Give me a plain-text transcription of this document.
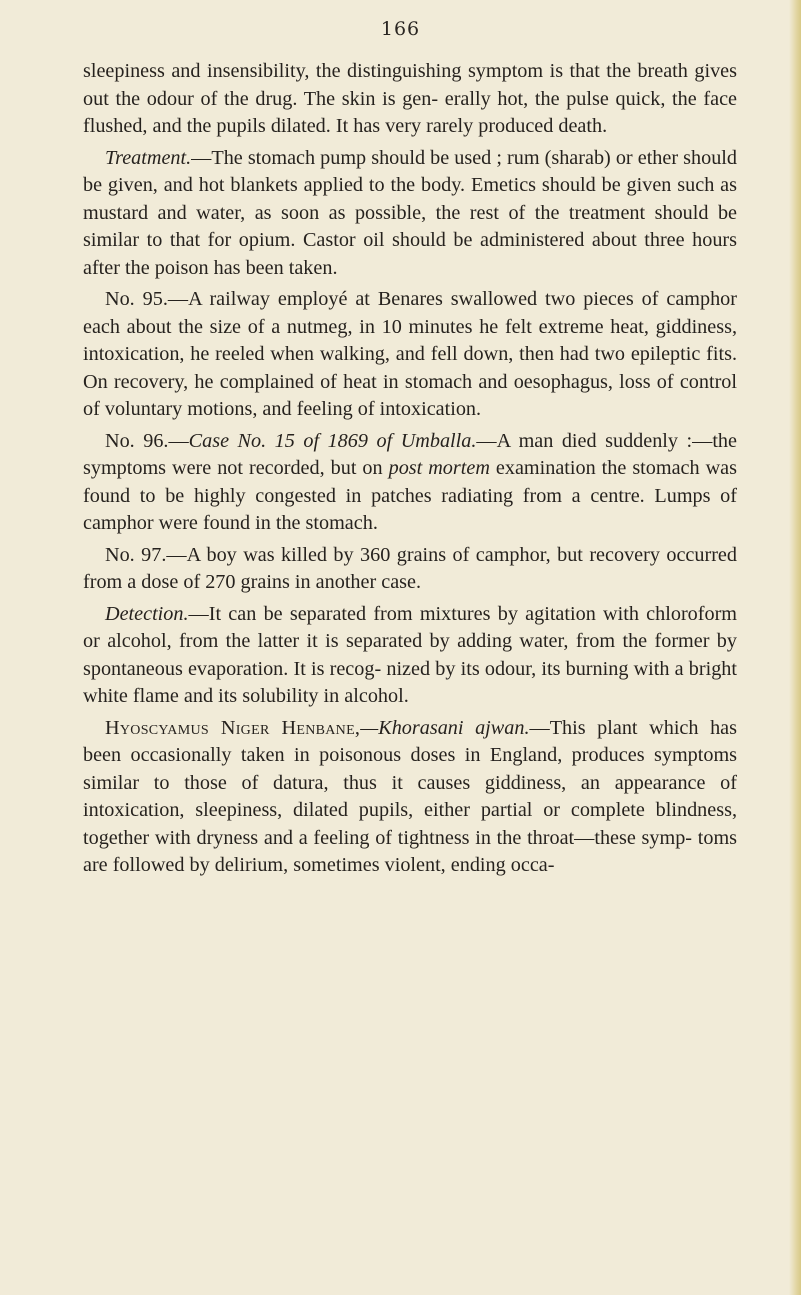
166

sleepiness and insensibility, the distinguishing symptom is that the breath gives out the odour of the drug. The skin is gen- erally hot, the pulse quick, the face flushed, and the pupils dilated. It has very rarely produced death.

Treatment.—The stomach pump should be used ; rum (sharab) or ether should be given, and hot blankets applied to the body. Emetics should be given such as mustard and water, as soon as possible, the rest of the treatment should be similar to that for opium. Castor oil should be administered about three hours after the poison has been taken.

No. 95.—A railway employé at Benares swallowed two pieces of camphor each about the size of a nutmeg, in 10 minutes he felt extreme heat, giddiness, intoxication, he reeled when walking, and fell down, then had two epileptic fits. On recovery, he complained of heat in stomach and oesophagus, loss of control of voluntary motions, and feeling of intoxication.

No. 96.—Case No. 15 of 1869 of Umballa.—A man died suddenly :—the symptoms were not recorded, but on post mortem examination the stomach was found to be highly congested in patches radiating from a centre. Lumps of camphor were found in the stomach.

No. 97.—A boy was killed by 360 grains of camphor, but recovery occurred from a dose of 270 grains in another case.

Detection.—It can be separated from mixtures by agitation with chloroform or alcohol, from the latter it is separated by adding water, from the former by spontaneous evaporation. It is recog- nized by its odour, its burning with a bright white flame and its solubility in alcohol.

Hyoscyamus Niger Henbane,—Khorasani ajwan.—This plant which has been occasionally taken in poisonous doses in England, produces symptoms similar to those of datura, thus it causes giddiness, an appearance of intoxication, sleepiness, dilated pupils, either partial or complete blindness, together with dryness and a feeling of tightness in the throat—these symp- toms are followed by delirium, sometimes violent, ending occa-
